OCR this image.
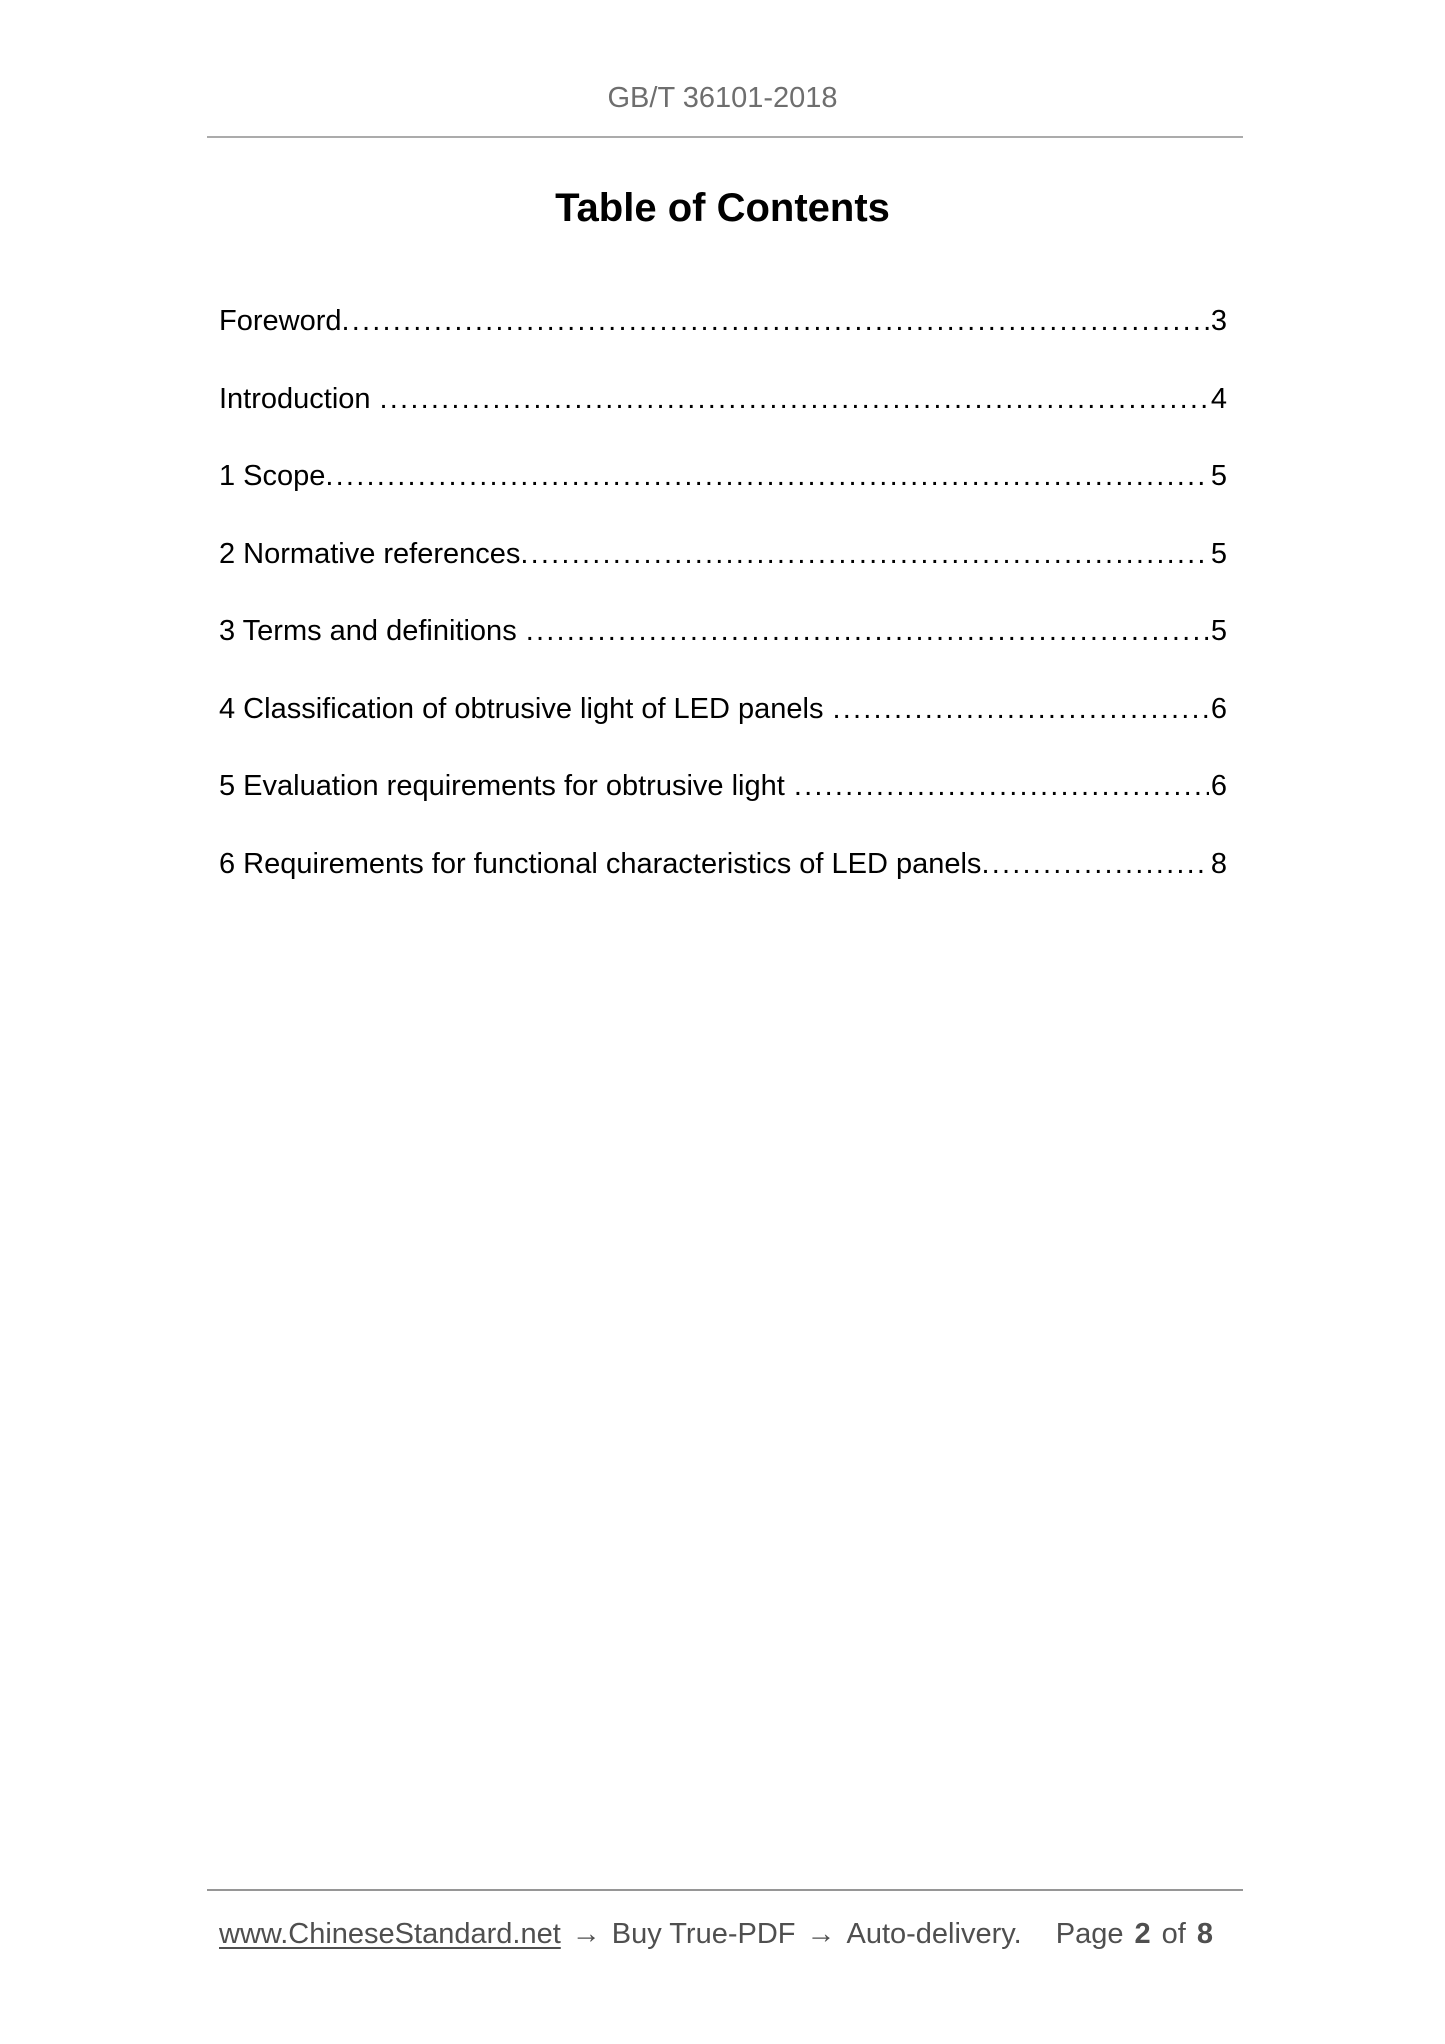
GB/T 36101-2018
Table of Contents
Foreword .....	3
Introduction .....	4
1 Scope .....	5
2 Normative references .....	5
3 Terms and definitions .....	5
4 Classification of obtrusive light of LED panels .....	6
5 Evaluation requirements for obtrusive light .....	6
6 Requirements for functional characteristics of LED panels .....	8
www.ChineseStandard.net → Buy True-PDF → Auto-delivery. Page 2 of 8
